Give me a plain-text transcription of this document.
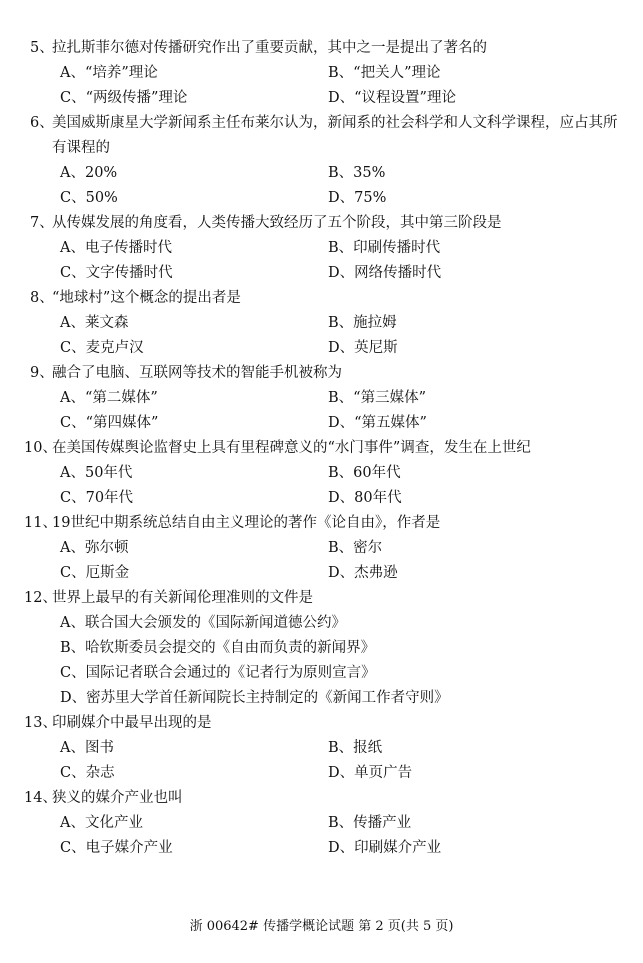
5、
拉扎斯菲尔德对传播研究作出了重要贡献，其中之一是提出了著名的
A、“培养”理论	B、“把关人”理论
C、“两级传播”理论	D、“议程设置”理论
6、
美国威斯康星大学新闻系主任布莱尔认为，新闻系的社会科学和人文科学课程，应占其所有课程的
A、20%	B、35%
C、50%	D、75%
7、
从传媒发展的角度看，人类传播大致经历了五个阶段，其中第三阶段是
A、电子传播时代	B、印刷传播时代
C、文字传播时代	D、网络传播时代
8、
“地球村”这个概念的提出者是
A、莱文森	B、施拉姆
C、麦克卢汉	D、英尼斯
9、
融合了电脑、互联网等技术的智能手机被称为
A、“第二媒体”	B、“第三媒体”
C、“第四媒体”	D、“第五媒体”
10、
在美国传媒舆论监督史上具有里程碑意义的“水门事件”调查，发生在上世纪
A、50年代	B、60年代
C、70年代	D、80年代
11、
19世纪中期系统总结自由主义理论的著作《论自由》，作者是
A、弥尔顿	B、密尔
C、厄斯金	D、杰弗逊
12、
世界上最早的有关新闻伦理准则的文件是
A、联合国大会颁发的《国际新闻道德公约》
B、哈钦斯委员会提交的《自由而负责的新闻界》
C、国际记者联合会通过的《记者行为原则宣言》
D、密苏里大学首任新闻院长主持制定的《新闻工作者守则》
13、
印刷媒介中最早出现的是
A、图书	B、报纸
C、杂志	D、单页广告
14、
狭义的媒介产业也叫
A、文化产业	B、传播产业
C、电子媒介产业	D、印刷媒介产业
浙 00642# 传播学概论试题 第 2 页(共 5 页)
